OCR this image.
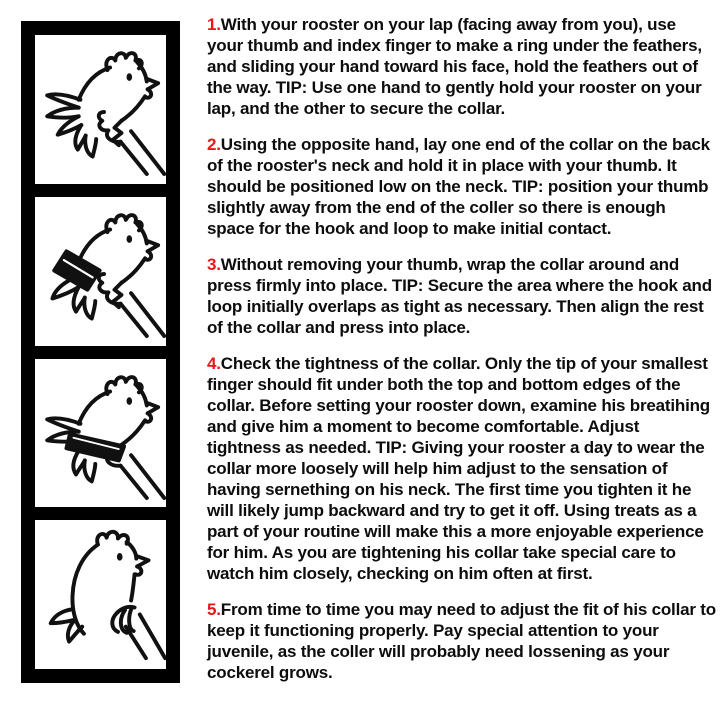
1.With your rooster on your lap (facing away from you), use your thumb and index finger to make a ring under the feathers, and sliding your hand toward his face, hold the feathers out of the way. TIP: Use one hand to gently hold your rooster on your lap, and the other to secure the collar.

2.Using the opposite hand, lay one end of the collar on the back of the rooster's neck and hold it in place with your thumb. It should be positioned low on the neck. TIP: position your thumb slightly away from the end of the coller so there is enough space for the hook and loop to make initial contact.

3.Without removing your thumb, wrap the collar around and press firmly into place. TIP: Secure the area where the hook and loop initially overlaps as tight as necessary. Then align the rest of the collar and press into place.

4.Check the tightness of the collar. Only the tip of your smallest finger should fit under both the top and bottom edges of the collar. Before setting your rooster down, examine his breatihing and give him a moment to become comfortable. Adjust tightness as needed. TIP: Giving your rooster a day to wear the collar more loosely will help him adjust to the sensation of having sernething on his neck. The first time you tighten it he will likely jump backward and try to get it off. Using treats as a part of your routine will make this a more enjoyable experience for him. As you are tightening his collar take special care to watch him closely, checking on him often at first.

5.From time to time you may need to adjust the fit of his collar to keep it functioning properly. Pay special attention to your juvenile, as the coller will probably need lossening as your cockerel grows.
